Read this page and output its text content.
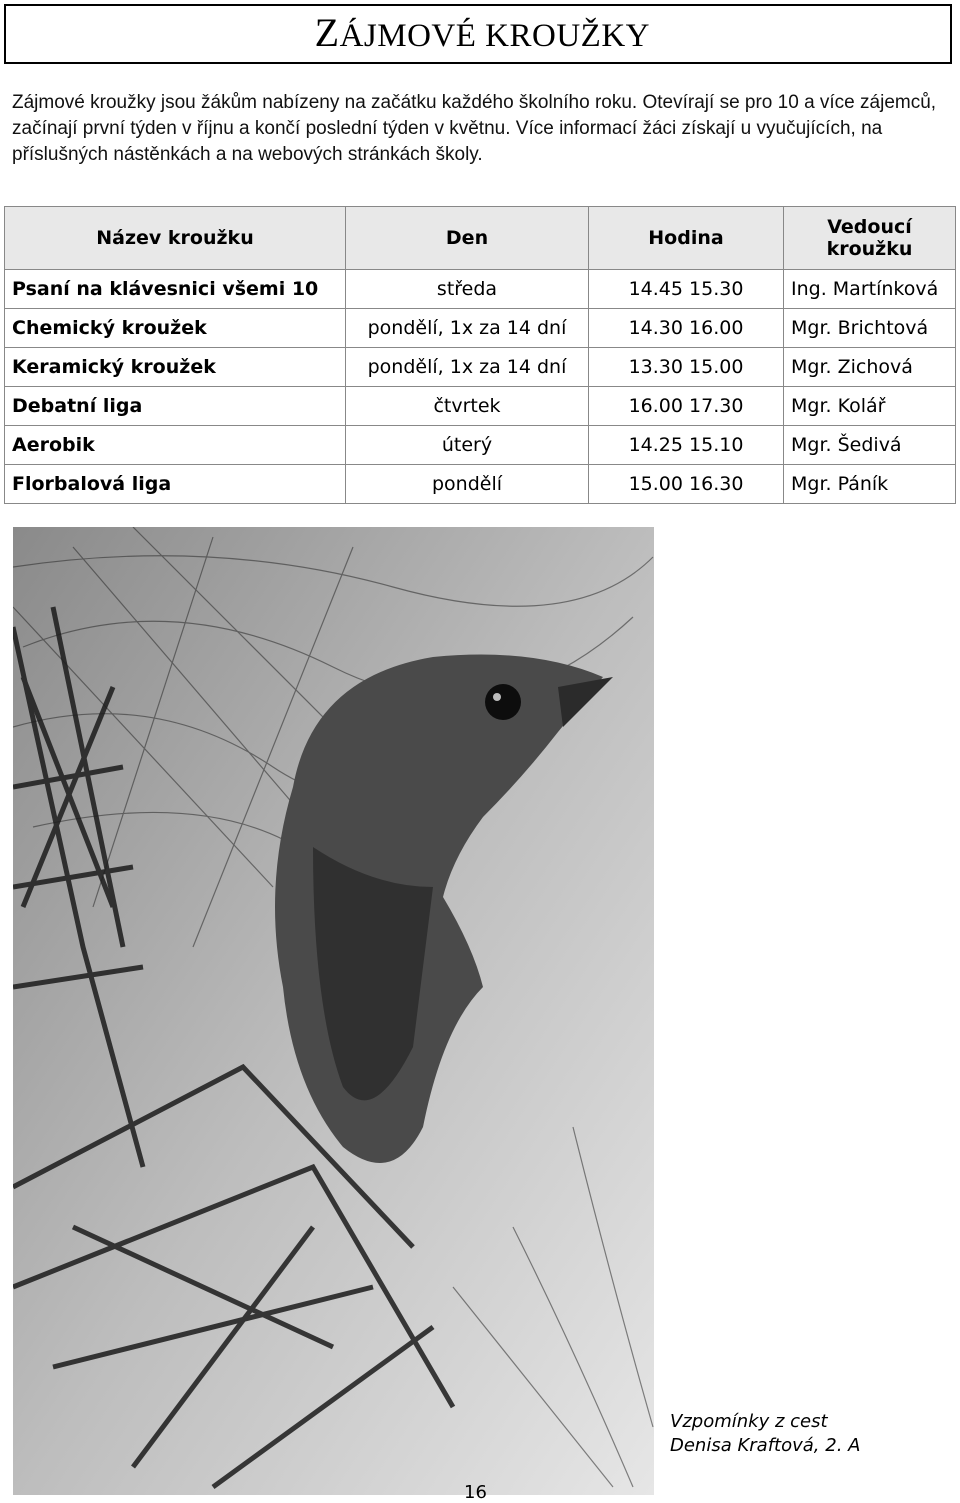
ZÁJMOVÉ KROUŽKY

Zájmové kroužky jsou žákům nabízeny na začátku každého školního roku. Otevírají se pro 10 a více zájemců, začínají první týden v říjnu a končí poslední týden v květnu. Více informací žáci získají u vyučujících, na příslušných nástěnkách a na webových stránkách školy.

Název kroužku	Den	Hodina	Vedoucí kroužku
Psaní na klávesnici všemi 10	středa	14.45 15.30	Ing. Martínková
Chemický kroužek	pondělí, 1x za 14 dní	14.30 16.00	Mgr. Brichtová
Keramický kroužek	pondělí, 1x za 14 dní	13.30 15.00	Mgr. Zichová
Debatní liga	čtvrtek	16.00 17.30	Mgr. Kolář
Aerobik	úterý	14.25 15.10	Mgr. Šedivá
Florbalová liga	pondělí	15.00 16.30	Mgr. Páník
Vzpomínky z cest
Denisa Kraftová, 2. A
16
